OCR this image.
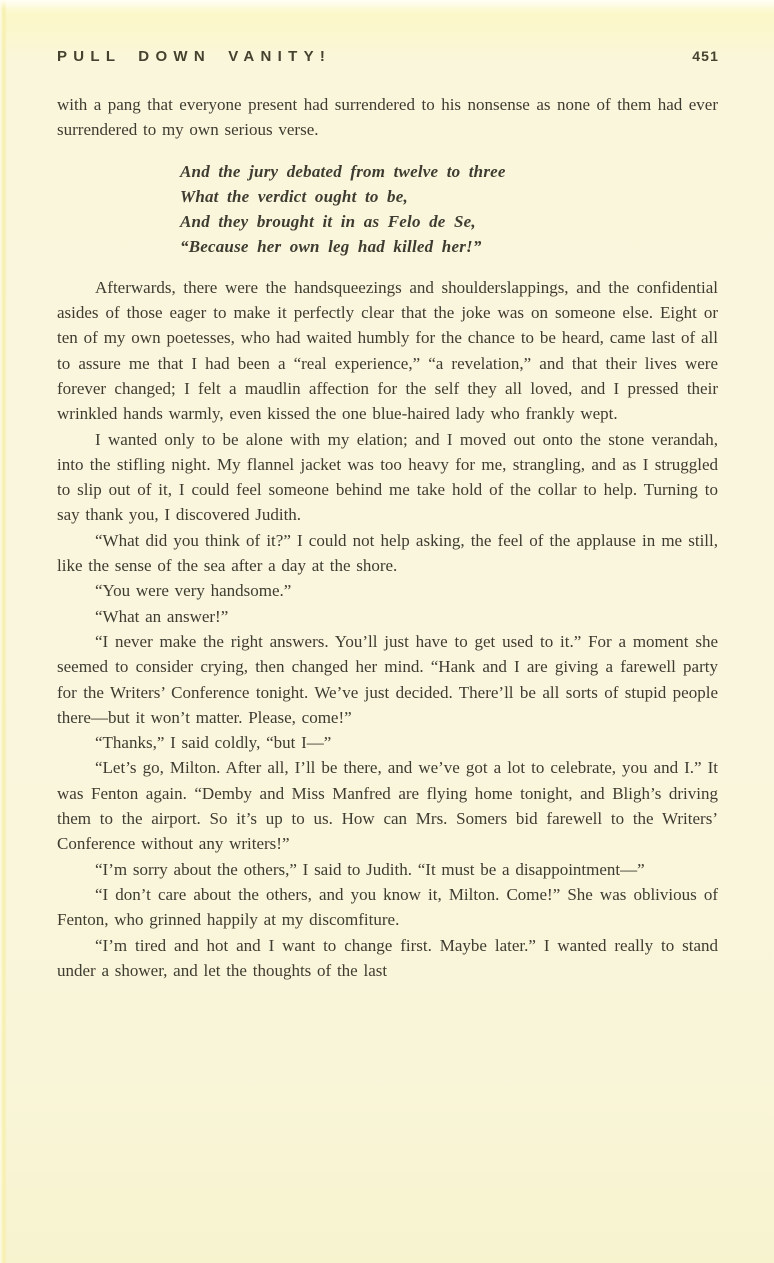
PULL DOWN VANITY!	451

with a pang that everyone present had surrendered to his nonsense as none of them had ever surrendered to my own serious verse.

And the jury debated from twelve to three
What the verdict ought to be,
And they brought it in as Felo de Se,
“Because her own leg had killed her!”

Afterwards, there were the handsqueezings and shoulderslappings, and the confidential asides of those eager to make it perfectly clear that the joke was on someone else. Eight or ten of my own poetesses, who had waited humbly for the chance to be heard, came last of all to assure me that I had been a “real experience,” “a revelation,” and that their lives were forever changed; I felt a maudlin affection for the self they all loved, and I pressed their wrinkled hands warmly, even kissed the one blue-haired lady who frankly wept.

I wanted only to be alone with my elation; and I moved out onto the stone verandah, into the stifling night. My flannel jacket was too heavy for me, strangling, and as I struggled to slip out of it, I could feel someone behind me take hold of the collar to help. Turning to say thank you, I discovered Judith.

“What did you think of it?” I could not help asking, the feel of the applause in me still, like the sense of the sea after a day at the shore.

“You were very handsome.”

“What an answer!”

“I never make the right answers. You’ll just have to get used to it.” For a moment she seemed to consider crying, then changed her mind. “Hank and I are giving a farewell party for the Writers’ Conference tonight. We’ve just decided. There’ll be all sorts of stupid people there—but it won’t matter. Please, come!”

“Thanks,” I said coldly, “but I—”

“Let’s go, Milton. After all, I’ll be there, and we’ve got a lot to celebrate, you and I.” It was Fenton again. “Demby and Miss Manfred are flying home tonight, and Bligh’s driving them to the airport. So it’s up to us. How can Mrs. Somers bid farewell to the Writers’ Conference without any writers!”

“I’m sorry about the others,” I said to Judith. “It must be a disappointment—”

“I don’t care about the others, and you know it, Milton. Come!” She was oblivious of Fenton, who grinned happily at my discomfiture.

“I’m tired and hot and I want to change first. Maybe later.” I wanted really to stand under a shower, and let the thoughts of the last
